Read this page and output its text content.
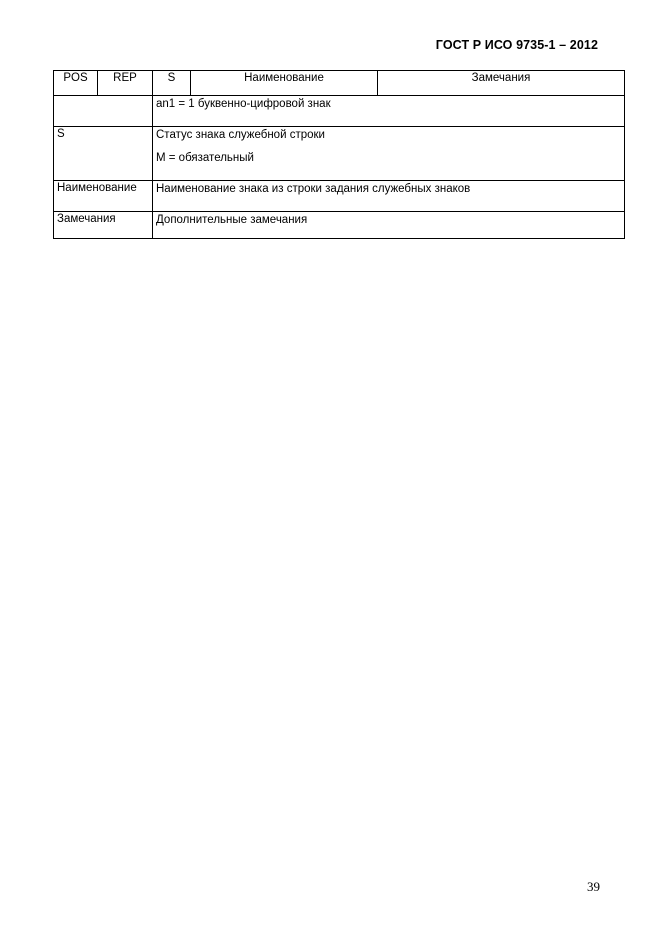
ГОСТ Р ИСО 9735-1 – 2012
POS	REP	S	Наименование	Замечания

		an1 = 1 буквенно-цифровой знак		

S		Статус знака служебной строки
M = обязательный		

Наименование		Наименование знака из строки задания служебных знаков		

Замечания		Дополнительные замечания		
39
